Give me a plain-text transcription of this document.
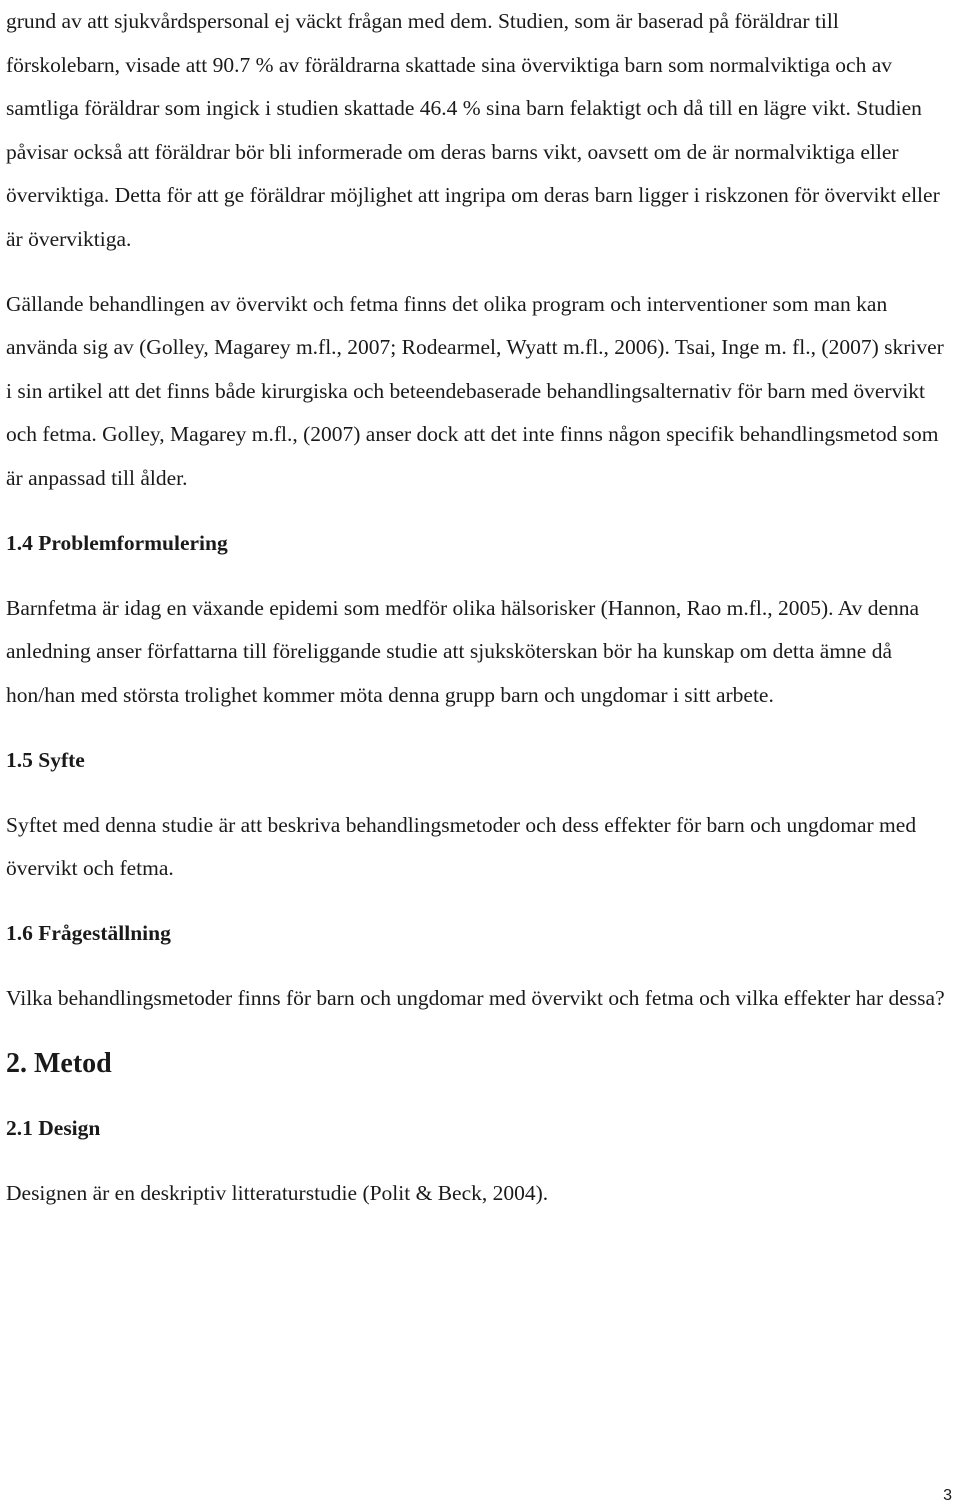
grund av att sjukvårdspersonal ej väckt frågan med dem. Studien, som är baserad på föräldrar till förskolebarn, visade att 90.7 % av föräldrarna skattade sina överviktiga barn som normalviktiga och av samtliga föräldrar som ingick i studien skattade 46.4 % sina barn felaktigt och då till en lägre vikt. Studien påvisar också att föräldrar bör bli informerade om deras barns vikt, oavsett om de är normalviktiga eller överviktiga. Detta för att ge föräldrar möjlighet att ingripa om deras barn ligger i riskzonen för övervikt eller är överviktiga.

Gällande behandlingen av övervikt och fetma finns det olika program och interventioner som man kan använda sig av (Golley, Magarey m.fl., 2007; Rodearmel, Wyatt m.fl., 2006). Tsai, Inge m. fl., (2007) skriver i sin artikel att det finns både kirurgiska och beteendebaserade behandlingsalternativ för barn med övervikt och fetma. Golley, Magarey m.fl., (2007) anser dock att det inte finns någon specifik behandlingsmetod som är anpassad till ålder.

1.4 Problemformulering

Barnfetma är idag en växande epidemi som medför olika hälsorisker (Hannon, Rao m.fl., 2005). Av denna anledning anser författarna till föreliggande studie att sjuksköterskan bör ha kunskap om detta ämne då hon/han med största trolighet kommer möta denna grupp barn och ungdomar i sitt arbete.

1.5 Syfte

Syftet med denna studie är att beskriva behandlingsmetoder och dess effekter för barn och ungdomar med övervikt och fetma.

1.6 Frågeställning

Vilka behandlingsmetoder finns för barn och ungdomar med övervikt och fetma och vilka effekter har dessa?

2. Metod
2.1 Design

Designen är en deskriptiv litteraturstudie (Polit & Beck, 2004).

3
